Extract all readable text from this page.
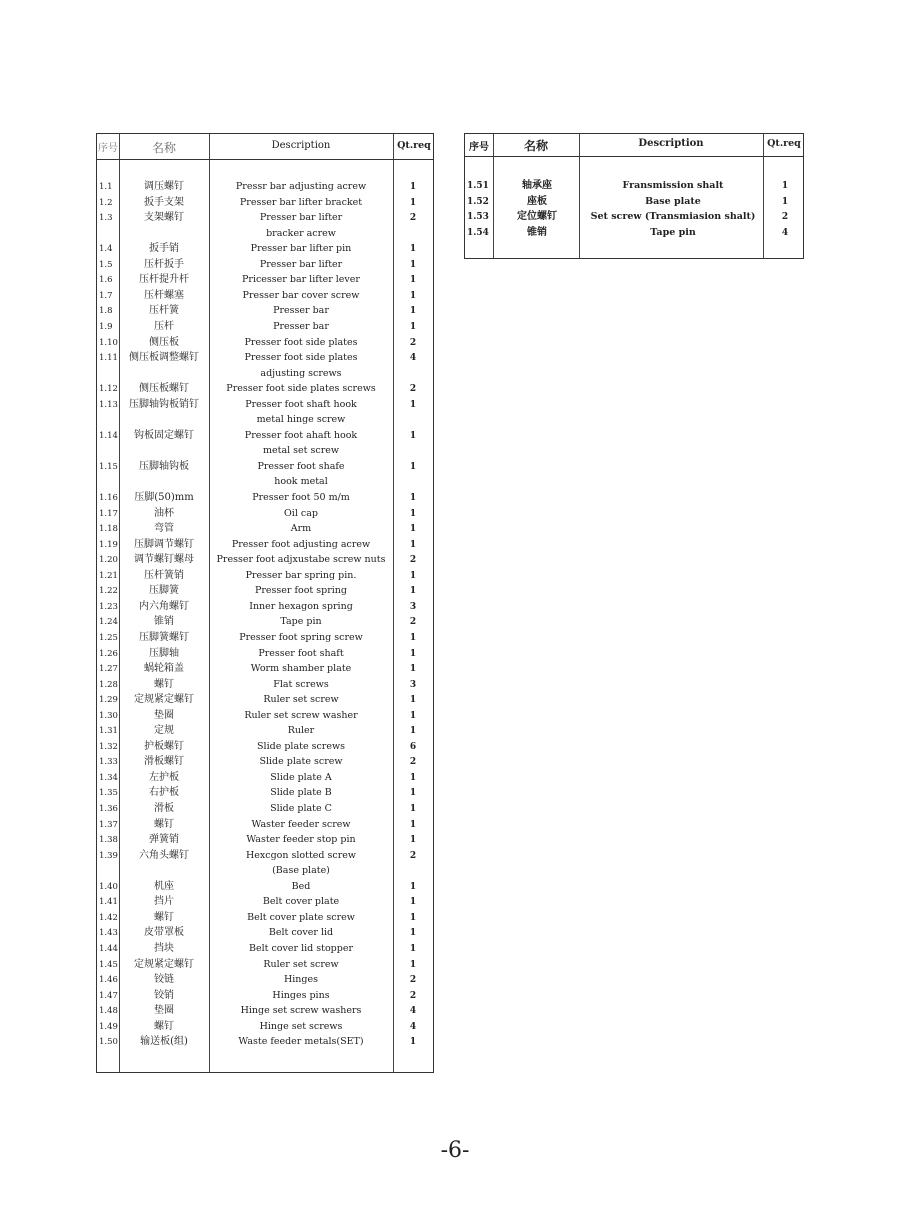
序号	名称	Description	Qt.req
1.1	调压螺钉	Pressr bar adjusting acrew	1
1.2	扳手支架	Presser bar lifter bracket	1
1.3	支架螺钉	Presser bar lifter	2
bracker acrew
1.4	扳手销	Presser bar lifter pin	1
1.5	压杆扳手	Presser bar lifter	1
1.6	压杆提升杆	Pricesser bar lifter lever	1
1.7	压杆螺塞	Presser bar cover screw	1
1.8	压杆簧	Presser bar	1
1.9	压杆	Presser bar	1
1.10	侧压板	Presser foot side plates	2
1.11	侧压板调整螺钉	Presser foot side plates	4
adjusting screws
1.12	侧压板螺钉	Presser foot side plates screws	2
1.13	压脚轴钩板销钉	Presser foot shaft hook	1
metal hinge screw
1.14	钩板固定螺钉	Presser foot ahaft hook	1
metal set screw
1.15	压脚轴钩板	Presser foot shafe	1
hook metal
1.16	压脚(50)mm	Presser foot 50 m/m	1
1.17	油杯	Oil cap	1
1.18	弯管	Arm	1
1.19	压脚调节螺钉	Presser foot adjusting acrew	1
1.20	调节螺钉螺母	Presser foot adjxustabe screw nuts	2
1.21	压杆簧销	Presser bar spring pin.	1
1.22	压脚簧	Presser foot spring	1
1.23	内六角螺钉	Inner hexagon spring	3
1.24	锥销	Tape pin	2
1.25	压脚簧螺钉	Presser foot spring screw	1
1.26	压脚轴	Presser foot shaft	1
1.27	蜗轮箱盖	Worm shamber plate	1
1.28	螺钉	Flat screws	3
1.29	定规紧定螺钉	Ruler set screw	1
1.30	垫圈	Ruler set screw washer	1
1.31	定规	Ruler	1
1.32	护板螺钉	Slide plate screws	6
1.33	滑板螺钉	Slide plate screw	2
1.34	左护板	Slide plate A	1
1.35	右护板	Slide plate B	1
1.36	滑板	Slide plate C	1
1.37	螺钉	Waster feeder screw	1
1.38	弹簧销	Waster feeder stop pin	1
1.39	六角头螺钉	Hexcgon slotted screw	2
(Base plate)
1.40	机座	Bed	1
1.41	挡片	Belt cover plate	1
1.42	螺钉	Belt cover plate screw	1
1.43	皮带罩板	Belt cover lid	1
1.44	挡块	Belt cover lid stopper	1
1.45	定规紧定螺钉	Ruler set screw	1
1.46	铰链	Hinges	2
1.47	铰销	Hinges pins	2
1.48	垫圈	Hinge set screw washers	4
1.49	螺钉	Hinge set screws	4
1.50	输送板(组)	Waste feeder metals(SET)	1
序号	名称	Description	Qt.req
1.51	轴承座	Fransmission shalt	1
1.52	座板	Base plate	1
1.53	定位螺钉	Set screw (Transmiasion shalt)	2
1.54	锥销	Tape pin	4
-6-
